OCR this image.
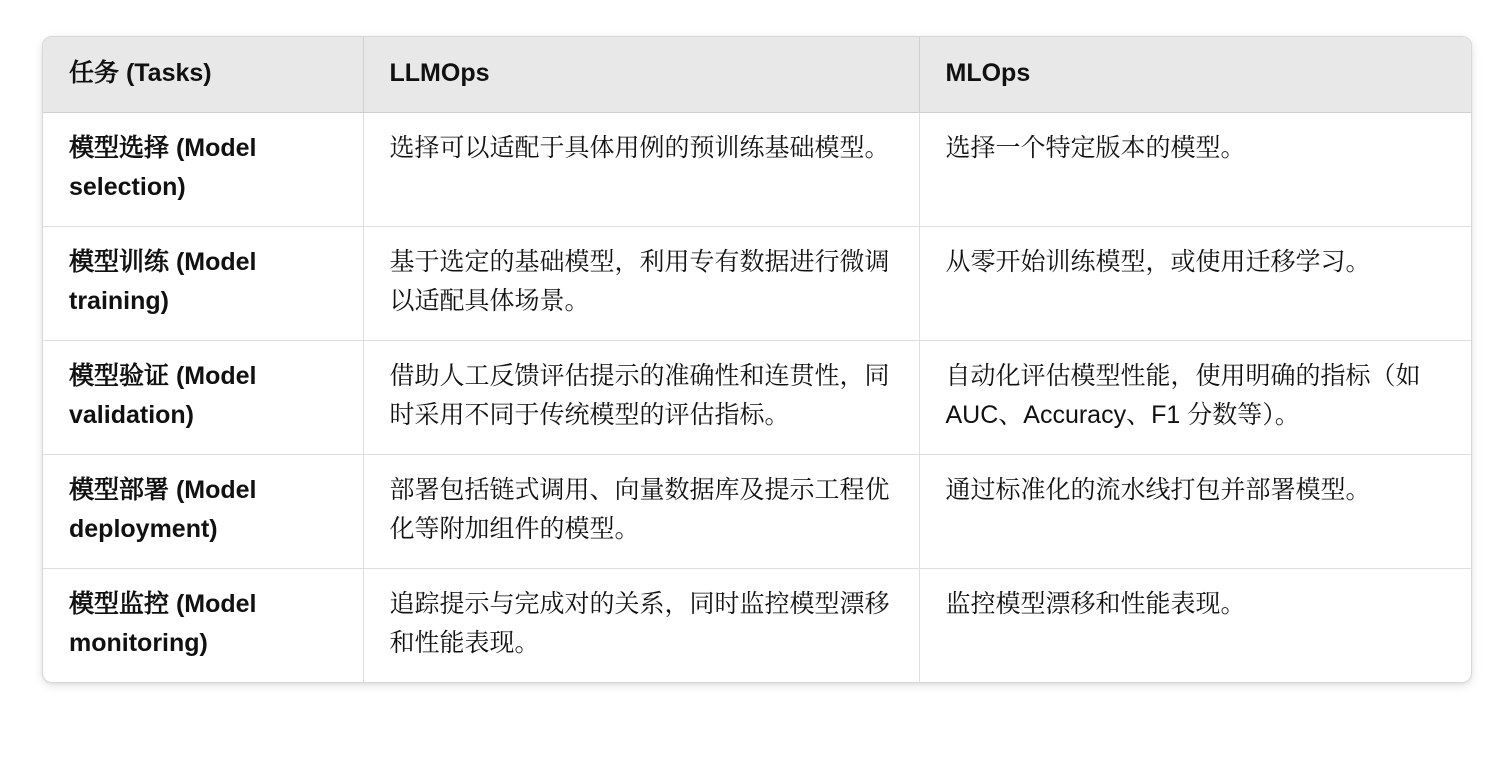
任务 (Tasks)	LLMOps	MLOps
模型选择 (Model selection)	选择可以适配于具体用例的预训练基础模型。	选择一个特定版本的模型。
模型训练 (Model training)	基于选定的基础模型，利用专有数据进行微调以适配具体场景。	从零开始训练模型，或使用迁移学习。
模型验证 (Model validation)	借助人工反馈评估提示的准确性和连贯性，同时采用不同于传统模型的评估指标。	自动化评估模型性能，使用明确的指标（如 AUC、Accuracy、F1 分数等）。
模型部署 (Model deployment)	部署包括链式调用、向量数据库及提示工程优化等附加组件的模型。	通过标准化的流水线打包并部署模型。
模型监控 (Model monitoring)	追踪提示与完成对的关系，同时监控模型漂移和性能表现。	监控模型漂移和性能表现。
